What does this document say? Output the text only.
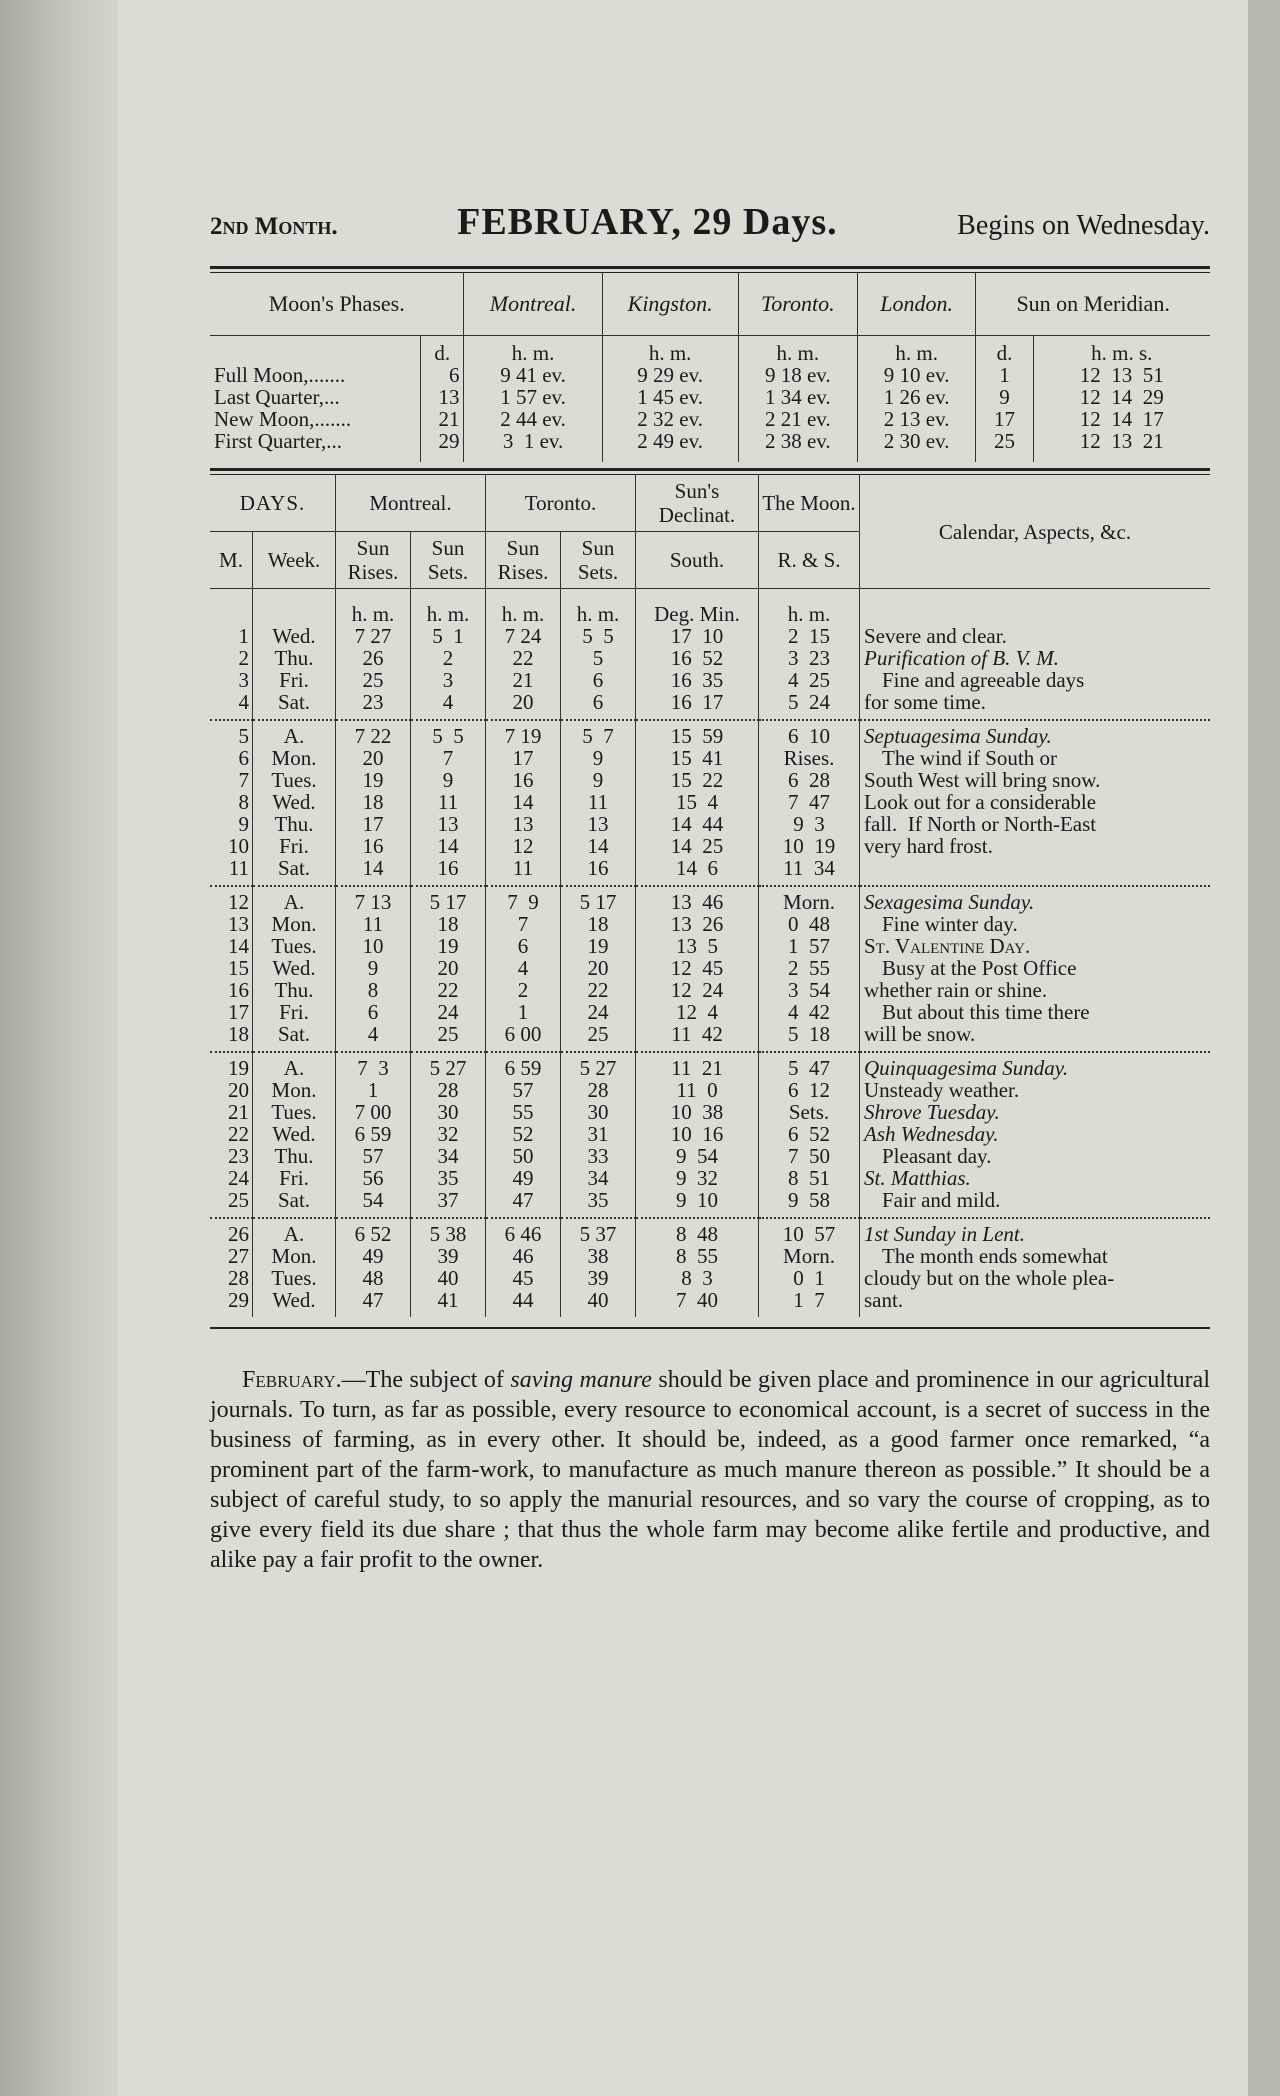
2nd Month.	FEBRUARY, 29 Days.	Begins on Wednesday.
Moon's Phases.		Montreal.	Kingston.	Toronto.	London.	Sun on Meridian.	
	d.	h. m.	h. m.	h. m.	h. m.	d.	h. m. s.
Full Moon,.......	6	9 41 ev.	9 29 ev.	9 18 ev.	9 10 ev.	1	12  13  51
Last Quarter,...	13	1 57 ev.	1 45 ev.	1 34 ev.	1 26 ev.	9	12  14  29
New Moon,.......	21	2 44 ev.	2 32 ev.	2 21 ev.	2 13 ev.	17	12  14  17
First Quarter,...	29	3  1 ev.	2 49 ev.	2 38 ev.	2 30 ev.	25	12  13  21
DAYS.		Montreal.		Toronto.		Sun's Declinat.	The Moon.	Calendar, Aspects, &c.
M.	Week.	Sun Rises.	Sun Sets.	Sun Rises.	Sun Sets.	South.	R. & S.	
		h. m.	h. m.	h. m.	h. m.	Deg. Min.	h. m.	
1	Wed.	7 27	5  1	7 24	5  5	17  10	2  15	Severe and clear.
2	Thu.	26	2	22	5	16  52	3  23	Purification of B. V. M.
3	Fri.	25	3	21	6	16  35	4  25	Fine and agreeable days
4	Sat.	23	4	20	6	16  17	5  24	for some time.
5	A.	7 22	5  5	7 19	5  7	15  59	6  10	Septuagesima Sunday.
6	Mon.	20	7	17	9	15  41	Rises.	The wind if South or
7	Tues.	19	9	16	9	15  22	6  28	South West will bring snow.
8	Wed.	18	11	14	11	15  4	7  47	Look out for a considerable
9	Thu.	17	13	13	13	14  44	9  3	fall.  If North or North-East
10	Fri.	16	14	12	14	14  25	10  19	very hard frost.
11	Sat.	14	16	11	16	14  6	11  34	
12	A.	7 13	5 17	7  9	5 17	13  46	Morn.	Sexagesima Sunday.
13	Mon.	11	18	7	18	13  26	0  48	Fine winter day.
14	Tues.	10	19	6	19	13  5	1  57	St. Valentine Day.
15	Wed.	9	20	4	20	12  45	2  55	Busy at the Post Office
16	Thu.	8	22	2	22	12  24	3  54	whether rain or shine.
17	Fri.	6	24	1	24	12  4	4  42	But about this time there
18	Sat.	4	25	6 00	25	11  42	5  18	will be snow.
19	A.	7  3	5 27	6 59	5 27	11  21	5  47	Quinquagesima Sunday.
20	Mon.	1	28	57	28	11  0	6  12	Unsteady weather.
21	Tues.	7 00	30	55	30	10  38	Sets.	Shrove Tuesday.
22	Wed.	6 59	32	52	31	10  16	6  52	Ash Wednesday.
23	Thu.	57	34	50	33	9  54	7  50	Pleasant day.
24	Fri.	56	35	49	34	9  32	8  51	St. Matthias.
25	Sat.	54	37	47	35	9  10	9  58	Fair and mild.
26	A.	6 52	5 38	6 46	5 37	8  48	10  57	1st Sunday in Lent.
27	Mon.	49	39	46	38	8  55	Morn.	The month ends somewhat
28	Tues.	48	40	45	39	8  3	0  1	cloudy but on the whole plea-
29	Wed.	47	41	44	40	7  40	1  7	sant.

February.—The subject of saving manure should be given place and prominence in our agricultural journals. To turn, as far as possible, every resource to economical account, is a secret of success in the business of farming, as in every other. It should be, indeed, as a good farmer once remarked, “a prominent part of the farm-work, to manufacture as much manure thereon as possible.” It should be a subject of careful study, to so apply the manurial resources, and so vary the course of cropping, as to give every field its due share ; that thus the whole farm may become alike fertile and productive, and alike pay a fair profit to the owner.
